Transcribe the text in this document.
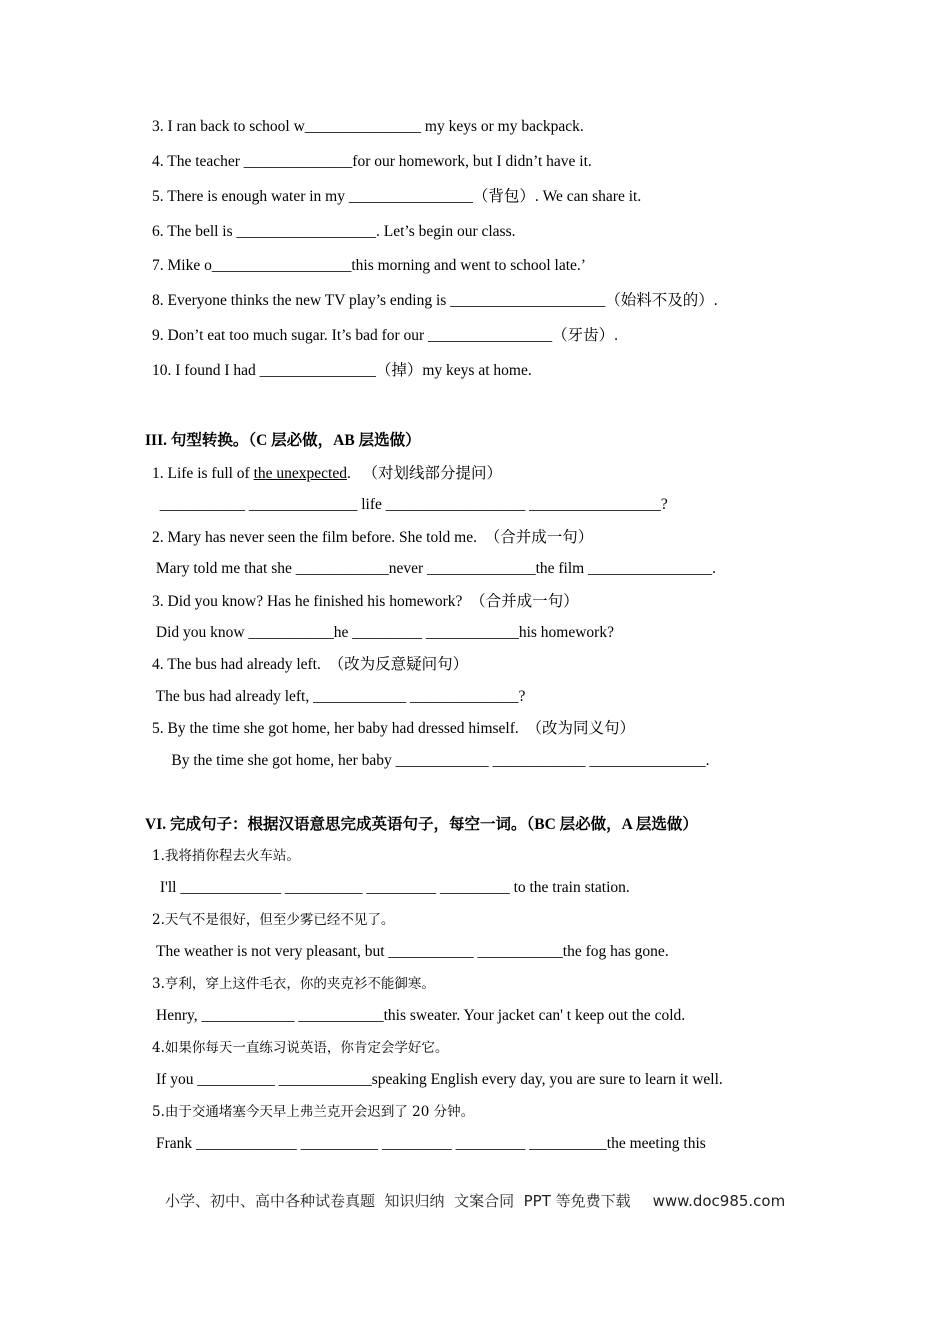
3. I ran back to school w_______________ my keys or my backpack.
4. The teacher ______________for our homework, but I didn’t have it.
5. There is enough water in my ________________（背包）. We can share it.
6. The bell is __________________. Let’s begin our class.
7. Mike o__________________this morning and went to school late.’
8. Everyone thinks the new TV play’s ending is ____________________（始料不及的）.
9. Don’t eat too much sugar. It’s bad for our ________________（牙齿）.
10. I found I had _______________（掉）my keys at home.
III. 句型转换。（C 层必做，AB 层选做）
1. Life is full of the unexpected.   （对划线部分提问）
___________ ______________ life __________________ _________________?
2. Mary has never seen the film before. She told me.  （合并成一句）
Mary told me that she ____________never ______________the film ________________.
3. Did you know? Has he finished his homework?  （合并成一句）
Did you know ___________he _________ ____________his homework?
4. The bus had already left.  （改为反意疑问句）
The bus had already left, ____________ ______________?
5. By the time she got home, her baby had dressed himself.  （改为同义句）
By the time she got home, her baby ____________ ____________ _______________.
VI. 完成句子：根据汉语意思完成英语句子，每空一词。（BC 层必做，A 层选做）
1.我将捎你程去火车站。
I'll _____________ __________ _________ _________ to the train station.
2.天气不是很好，但至少雾已经不见了。
The weather is not very pleasant, but ___________ ___________the fog has gone.
3.亨利，穿上这件毛衣，你的夹克衫不能御寒。
Henry, ____________ ___________this sweater. Your jacket can' t keep out the cold.
4.如果你每天一直练习说英语，你肯定会学好它。
If you __________ ____________speaking English every day, you are sure to learn it well.
5.由于交通堵塞今天早上弗兰克开会迟到了 20 分钟。
Frank _____________ __________ _________ _________ __________the meeting this
小学、初中、高中各种试卷真题  知识归纳  文案合同  PPT 等免费下载 www.doc985.com
